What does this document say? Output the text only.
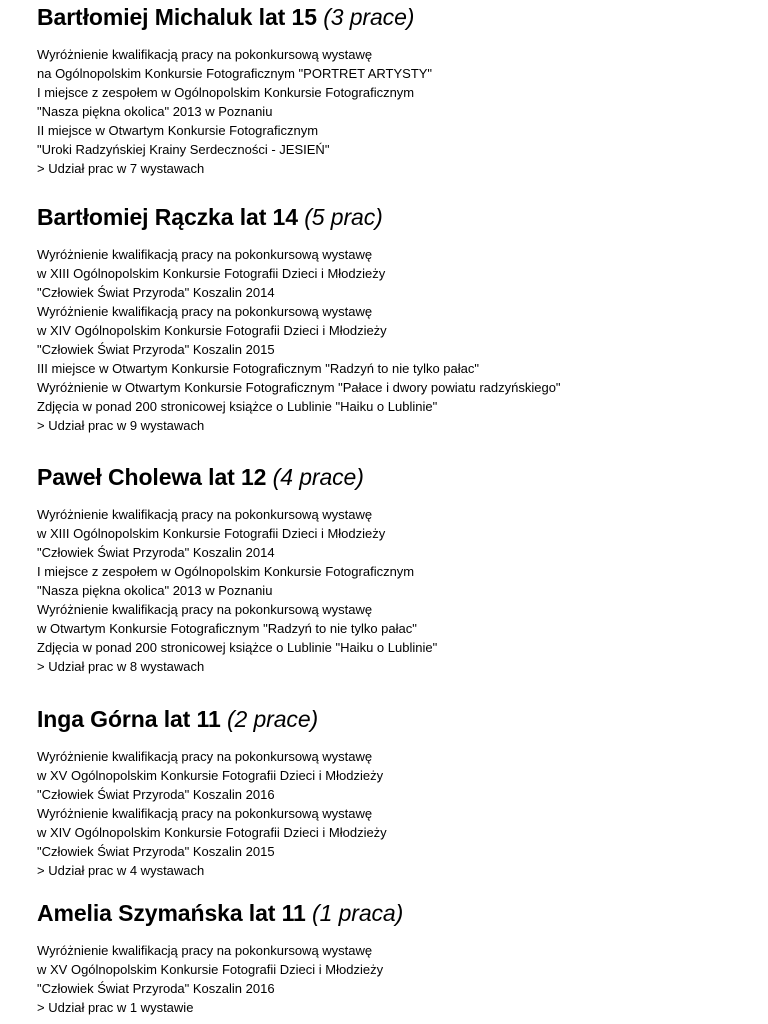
Bartłomiej Michaluk lat 15 (3 prace)
Wyróżnienie kwalifikacją pracy na pokonkursową wystawę
na Ogólnopolskim Konkursie Fotograficznym "PORTRET ARTYSTY"
I miejsce z zespołem w Ogólnopolskim Konkursie Fotograficznym
"Nasza piękna okolica" 2013 w Poznaniu
II miejsce w Otwartym Konkursie Fotograficznym
"Uroki Radzyńskiej Krainy Serdeczności - JESIEŃ"
> Udział prac w 7 wystawach
Bartłomiej Rączka lat 14 (5 prac)
Wyróżnienie kwalifikacją pracy na pokonkursową wystawę
w XIII Ogólnopolskim Konkursie Fotografii Dzieci i Młodzieży
"Człowiek Świat Przyroda" Koszalin 2014
Wyróżnienie kwalifikacją pracy na pokonkursową wystawę
w XIV Ogólnopolskim Konkursie Fotografii Dzieci i Młodzieży
"Człowiek Świat Przyroda" Koszalin 2015
III miejsce w Otwartym Konkursie Fotograficznym "Radzyń to nie tylko pałac"
Wyróżnienie w Otwartym Konkursie Fotograficznym "Pałace i dwory powiatu radzyńskiego"
Zdjęcia w ponad 200 stronicowej książce o Lublinie "Haiku o Lublinie"
> Udział prac w 9 wystawach
Paweł Cholewa lat 12 (4 prace)
Wyróżnienie kwalifikacją pracy na pokonkursową wystawę
w XIII Ogólnopolskim Konkursie Fotografii Dzieci i Młodzieży
"Człowiek Świat Przyroda" Koszalin 2014
I miejsce z zespołem w Ogólnopolskim Konkursie Fotograficznym
"Nasza piękna okolica" 2013 w Poznaniu
Wyróżnienie kwalifikacją pracy na pokonkursową wystawę
w Otwartym Konkursie Fotograficznym "Radzyń to nie tylko pałac"
Zdjęcia w ponad 200 stronicowej książce o Lublinie "Haiku o Lublinie"
> Udział prac w 8 wystawach
Inga Górna lat 11 (2 prace)
Wyróżnienie kwalifikacją pracy na pokonkursową wystawę
w XV Ogólnopolskim Konkursie Fotografii Dzieci i Młodzieży
"Człowiek Świat Przyroda" Koszalin 2016
Wyróżnienie kwalifikacją pracy na pokonkursową wystawę
w XIV Ogólnopolskim Konkursie Fotografii Dzieci i Młodzieży
"Człowiek Świat Przyroda" Koszalin 2015
> Udział prac w 4 wystawach
Amelia Szymańska lat 11 (1 praca)
Wyróżnienie kwalifikacją pracy na pokonkursową wystawę
w XV Ogólnopolskim Konkursie Fotografii Dzieci i Młodzieży
"Człowiek Świat Przyroda" Koszalin 2016
> Udział prac w 1 wystawie
